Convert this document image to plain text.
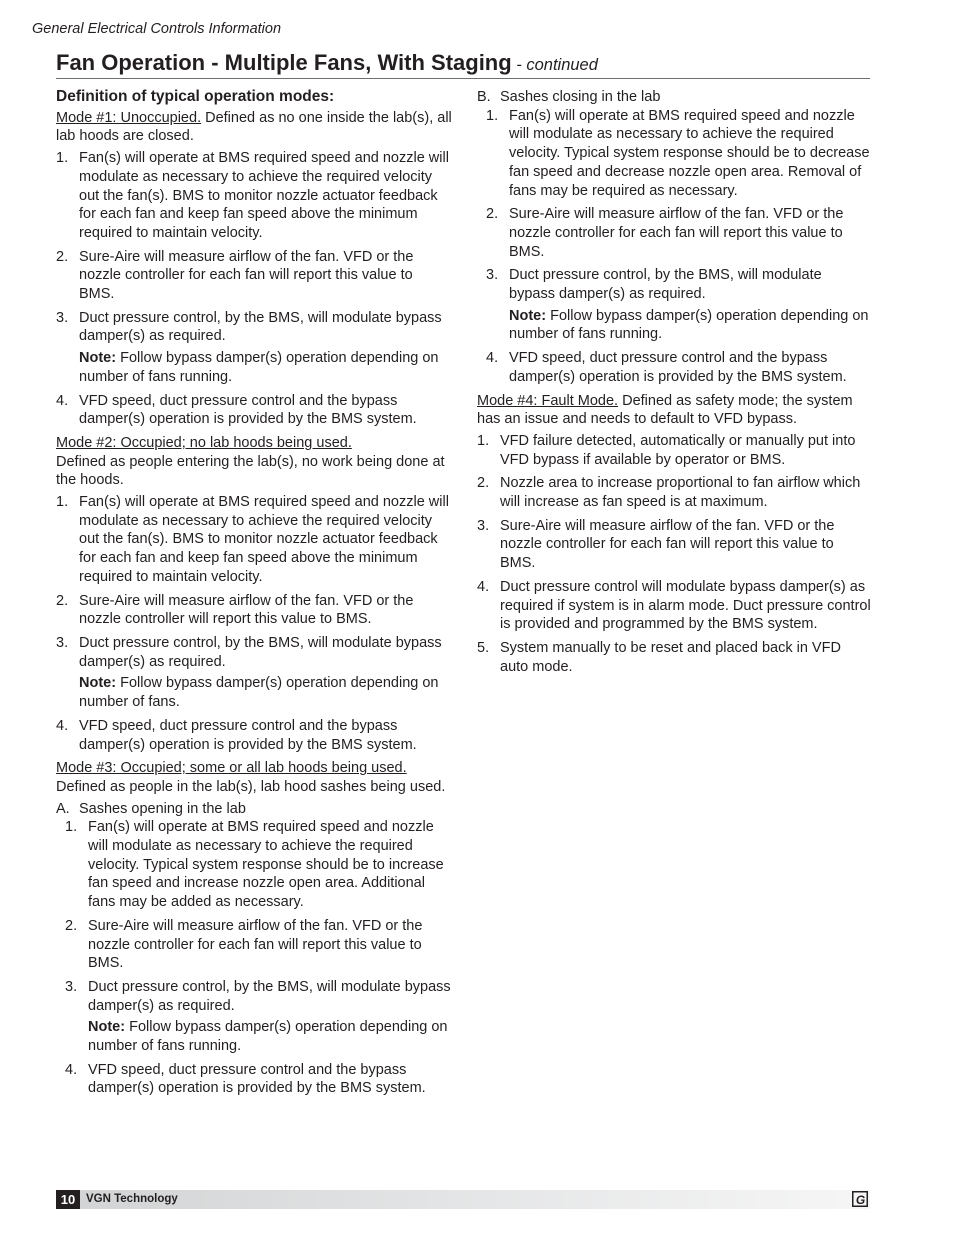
General Electrical Controls Information
Fan Operation - Multiple Fans, With Staging - continued

Definition of typical operation modes:

Mode #1: Unoccupied. Defined as no one inside the lab(s), all lab hoods are closed.

1. Fan(s) will operate at BMS required speed and nozzle will modulate as necessary to achieve the required velocity out the fan(s). BMS to monitor nozzle actuator feedback for each fan and keep fan speed above the minimum required to maintain velocity.
2. Sure-Aire will measure airflow of the fan. VFD or the nozzle controller for each fan will report this value to BMS.
3. Duct pressure control, by the BMS, will modulate bypass damper(s) as required.

Note: Follow bypass damper(s) operation depending on number of fans running.

4. VFD speed, duct pressure control and the bypass damper(s) operation is provided by the BMS system.

Mode #2: Occupied; no lab hoods being used.
Defined as people entering the lab(s), no work being done at the hoods.

1. Fan(s) will operate at BMS required speed and nozzle will modulate as necessary to achieve the required velocity out the fan(s). BMS to monitor nozzle actuator feedback for each fan and keep fan speed above the minimum required to maintain velocity.
2. Sure-Aire will measure airflow of the fan. VFD or the nozzle controller will report this value to BMS.
3. Duct pressure control, by the BMS, will modulate bypass damper(s) as required.

Note: Follow bypass damper(s) operation depending on number of fans.

4. VFD speed, duct pressure control and the bypass damper(s) operation is provided by the BMS system.

Mode #3: Occupied; some or all lab hoods being used. Defined as people in the lab(s), lab hood sashes being used.

A. Sashes opening in the lab

1. Fan(s) will operate at BMS required speed and nozzle will modulate as necessary to achieve the required velocity. Typical system response should be to increase fan speed and increase nozzle open area. Additional fans may be added as necessary.
2. Sure-Aire will measure airflow of the fan. VFD or the nozzle controller for each fan will report this value to BMS.
3. Duct pressure control, by the BMS, will modulate bypass damper(s) as required.

Note: Follow bypass damper(s) operation depending on number of fans running.

4. VFD speed, duct pressure control and the bypass damper(s) operation is provided by the BMS system.

B. Sashes closing in the lab

1. Fan(s) will operate at BMS required speed and nozzle will modulate as necessary to achieve the required velocity. Typical system response should be to decrease fan speed and decrease nozzle open area. Removal of fans may be required as necessary.
2. Sure-Aire will measure airflow of the fan. VFD or the nozzle controller for each fan will report this value to BMS.
3. Duct pressure control, by the BMS, will modulate bypass damper(s) as required.

Note: Follow bypass damper(s) operation depending on number of fans running.

4. VFD speed, duct pressure control and the bypass damper(s) operation is provided by the BMS system.

Mode #4: Fault Mode. Defined as safety mode; the system has an issue and needs to default to VFD bypass.

1. VFD failure detected, automatically or manually put into VFD bypass if available by operator or BMS.
2. Nozzle area to increase proportional to fan airflow which will increase as fan speed is at maximum.
3. Sure-Aire will measure airflow of the fan. VFD or the nozzle controller for each fan will report this value to BMS.
4. Duct pressure control will modulate bypass damper(s) as required if system is in alarm mode. Duct pressure control is provided and programmed by the BMS system.
5. System manually to be reset and placed back in VFD auto mode.
10 VGN Technology	G
